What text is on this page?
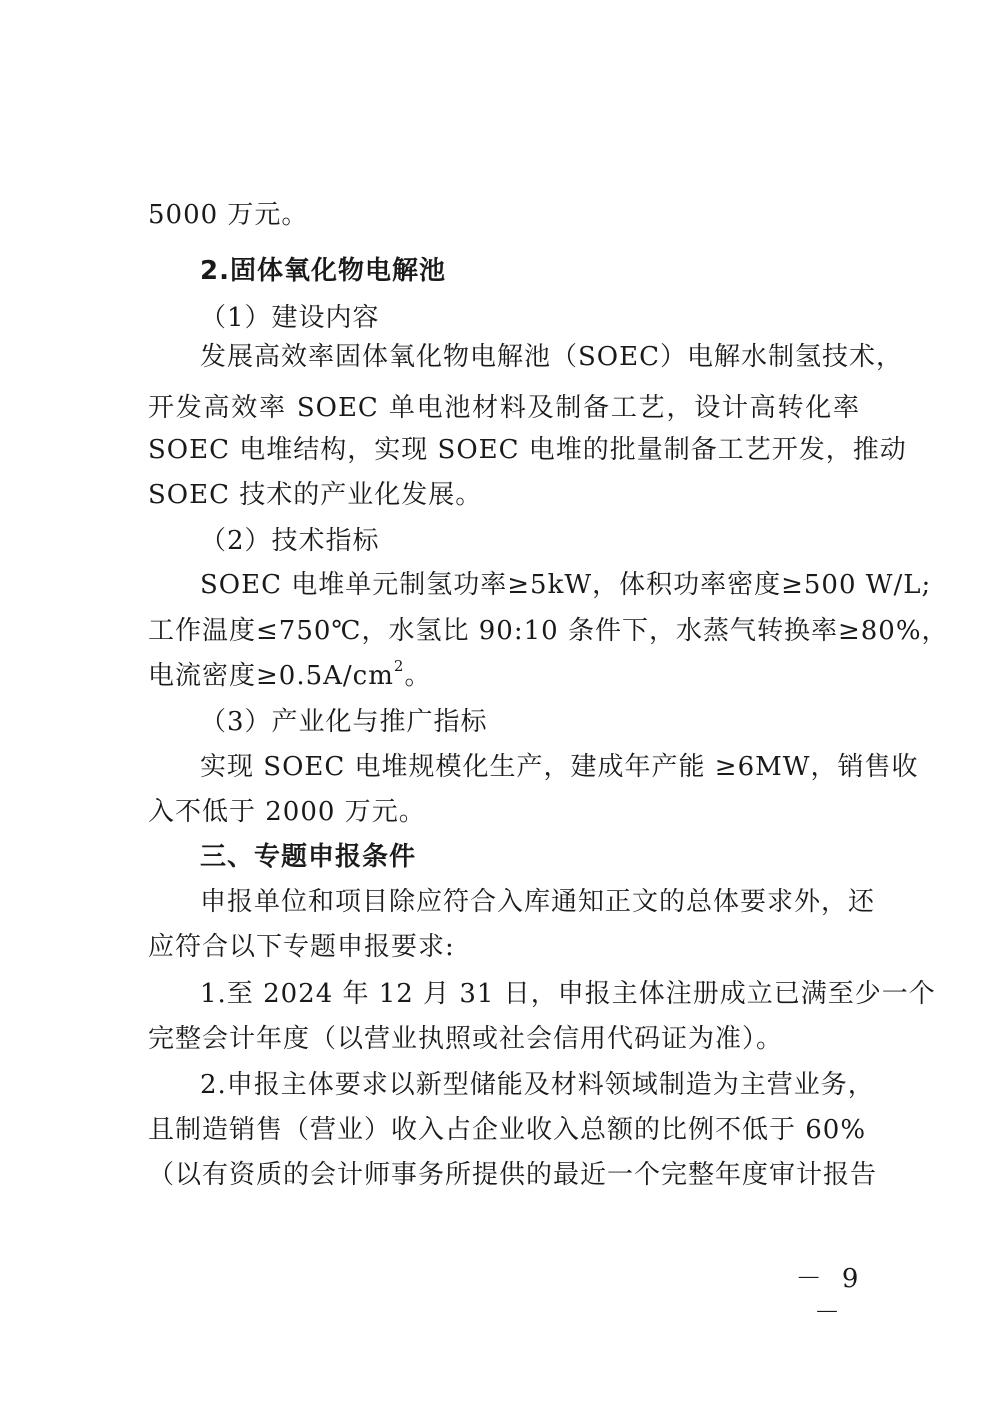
5000 万元。
2.固体氧化物电解池
（1）建设内容
发展高效率固体氧化物电解池（SOEC）电解水制氢技术，
开发高效率 SOEC 单电池材料及制备工艺，设计高转化率
SOEC 电堆结构，实现 SOEC 电堆的批量制备工艺开发，推动
SOEC 技术的产业化发展。
（2）技术指标
SOEC 电堆单元制氢功率≥5kW，体积功率密度≥500 W/L;
工作温度≤750℃，水氢比 90:10 条件下，水蒸气转换率≥80%，
电流密度$\ge 0.5A/cm^2$。
（3）产业化与推广指标
实现 SOEC 电堆规模化生产，建成年产能 ≥6MW，销售收
入不低于 2000 万元。
三、专题申报条件
申报单位和项目除应符合入库通知正文的总体要求外，还
应符合以下专题申报要求:
1.至 2024 年 12 月 31 日，申报主体注册成立已满至少一个
完整会计年度（以营业执照或社会信用代码证为准）。
2.申报主体要求以新型储能及材料领域制造为主营业务，
且制造销售（营业）收入占企业收入总额的比例不低于 60%
（以有资质的会计师事务所提供的最近一个完整年度审计报告
－ 9 －
